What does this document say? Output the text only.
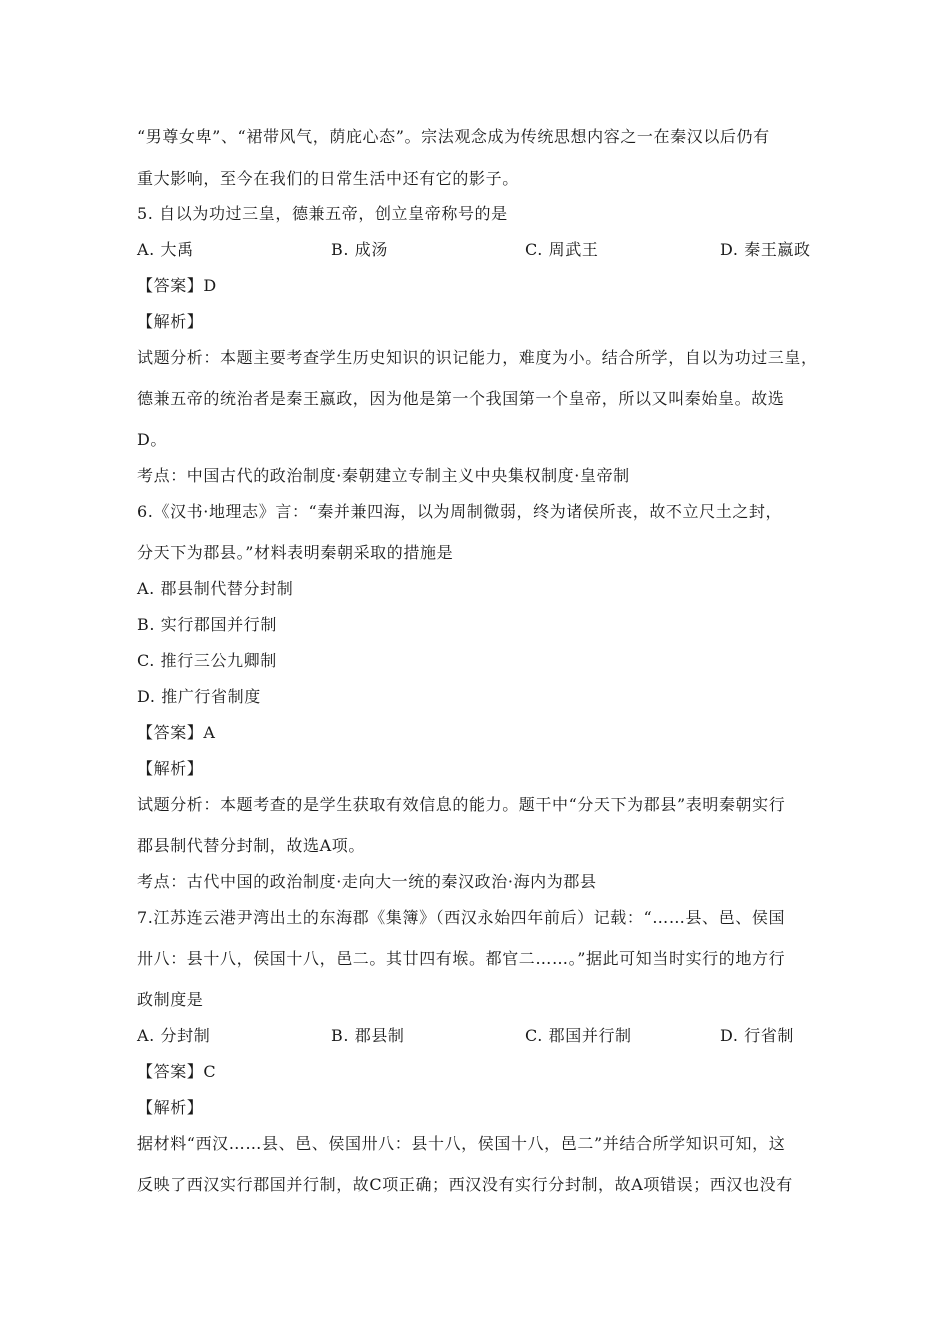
“男尊女卑”、“裙带风气，荫庇心态”。宗法观念成为传统思想内容之一在秦汉以后仍有
重大影响，至今在我们的日常生活中还有它的影子。
5. 自以为功过三皇，德兼五帝，创立皇帝称号的是
A. 大禹	B. 成汤	C. 周武王	D. 秦王嬴政
【答案】D
【解析】
试题分析：本题主要考查学生历史知识的识记能力，难度为小。结合所学，自以为功过三皇，
德兼五帝的统治者是秦王嬴政，因为他是第一个我国第一个皇帝，所以又叫秦始皇。故选
D。
考点：中国古代的政治制度·秦朝建立专制主义中央集权制度·皇帝制
6.《汉书·地理志》言：“秦并兼四海，以为周制微弱，终为诸侯所丧，故不立尺土之封，
分天下为郡县。”材料表明秦朝采取的措施是
A. 郡县制代替分封制
B. 实行郡国并行制
C. 推行三公九卿制
D. 推广行省制度
【答案】A
【解析】
试题分析：本题考查的是学生获取有效信息的能力。题干中“分天下为郡县”表明秦朝实行
郡县制代替分封制，故选A项。
考点：古代中国的政治制度·走向大一统的秦汉政治·海内为郡县
7.江苏连云港尹湾出土的东海郡《集簿》（西汉永始四年前后）记载：“……县、邑、侯国
卅八：县十八，侯国十八，邑二。其廿四有堠。都官二……。”据此可知当时实行的地方行
政制度是
A. 分封制	B. 郡县制	C. 郡国并行制	D. 行省制
【答案】C
【解析】
据材料“西汉……县、邑、侯国卅八：县十八，侯国十八，邑二”并结合所学知识可知，这
反映了西汉实行郡国并行制，故C项正确；西汉没有实行分封制，故A项错误；西汉也没有
